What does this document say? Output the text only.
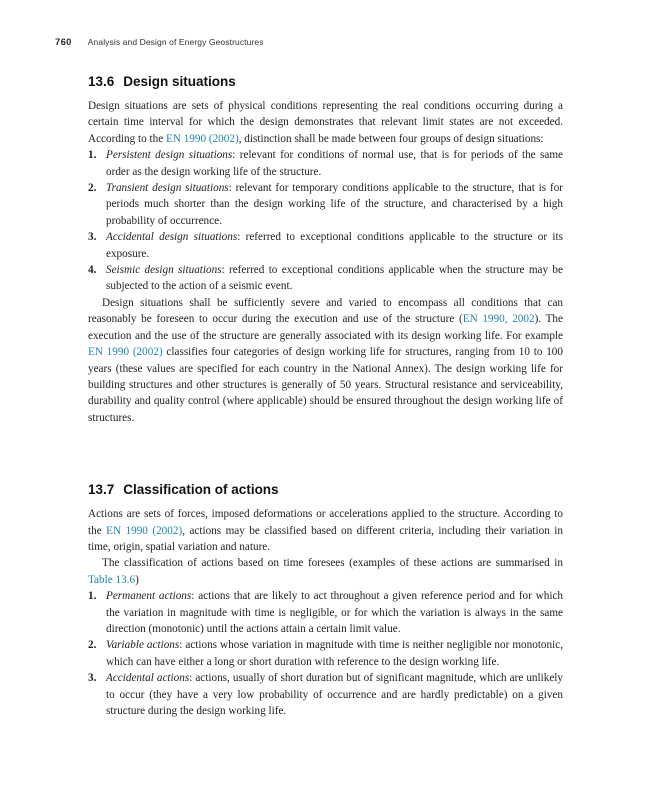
760 Analysis and Design of Energy Geostructures
13.6 Design situations

Design situations are sets of physical conditions representing the real conditions occurring during a certain time interval for which the design demonstrates that relevant limit states are not exceeded. According to the EN 1990 (2002), distinction shall be made between four groups of design situations:

1. Persistent design situations: relevant for conditions of normal use, that is for periods of the same order as the design working life of the structure.
2. Transient design situations: relevant for temporary conditions applicable to the structure, that is for periods much shorter than the design working life of the structure, and characterised by a high probability of occurrence.
3. Accidental design situations: referred to exceptional conditions applicable to the structure or its exposure.
4. Seismic design situations: referred to exceptional conditions applicable when the structure may be subjected to the action of a seismic event.

Design situations shall be sufficiently severe and varied to encompass all conditions that can reasonably be foreseen to occur during the execution and use of the structure (EN 1990, 2002). The execution and the use of the structure are generally associated with its design working life. For example EN 1990 (2002) classifies four categories of design working life for structures, ranging from 10 to 100 years (these values are specified for each country in the National Annex). The design working life for building structures and other structures is generally of 50 years. Structural resistance and serviceability, durability and quality control (where applicable) should be ensured throughout the design working life of structures.

13.7 Classification of actions

Actions are sets of forces, imposed deformations or accelerations applied to the structure. According to the EN 1990 (2002), actions may be classified based on different criteria, including their variation in time, origin, spatial variation and nature.

The classification of actions based on time foresees (examples of these actions are summarised in Table 13.6)

1. Permanent actions: actions that are likely to act throughout a given reference period and for which the variation in magnitude with time is negligible, or for which the variation is always in the same direction (monotonic) until the actions attain a certain limit value.
2. Variable actions: actions whose variation in magnitude with time is neither negligible nor monotonic, which can have either a long or short duration with reference to the design working life.
3. Accidental actions: actions, usually of short duration but of significant magnitude, which are unlikely to occur (they have a very low probability of occurrence and are hardly predictable) on a given structure during the design working life.
